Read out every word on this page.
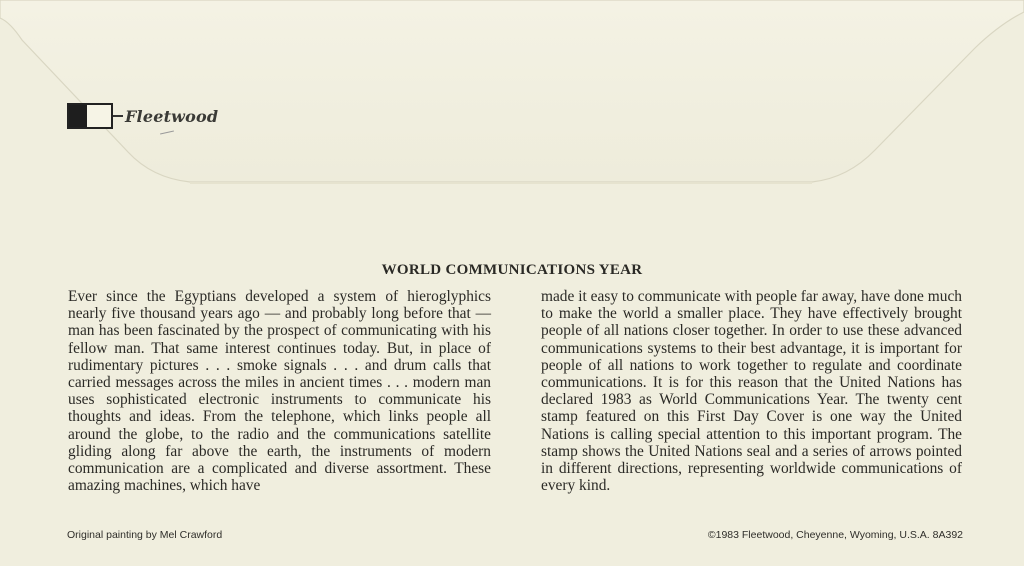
Fleetwood
WORLD COMMUNICATIONS YEAR

Ever since the Egyptians developed a system of hieroglyphics nearly five thousand years ago — and probably long before that — man has been fascinated by the prospect of communicating with his fellow man. That same interest continues today. But, in place of rudimentary pictures . . . smoke signals . . . and drum calls that carried messages across the miles in ancient times . . . modern man uses sophisticated electronic instruments to communicate his thoughts and ideas. From the telephone, which links people all around the globe, to the radio and the communications satellite gliding along far above the earth, the instruments of modern communication are a complicated and diverse assortment. These amazing machines, which have

made it easy to communicate with people far away, have done much to make the world a smaller place. They have effectively brought people of all nations closer together. In order to use these advanced communications systems to their best advantage, it is important for people of all nations to work together to regulate and coordinate communications. It is for this reason that the United Nations has declared 1983 as World Communications Year. The twenty cent stamp featured on this First Day Cover is one way the United Nations is calling special attention to this important program. The stamp shows the United Nations seal and a series of arrows pointed in different directions, representing worldwide communications of every kind.

Original painting by Mel Crawford	©1983 Fleetwood, Cheyenne, Wyoming, U.S.A. 8A392
